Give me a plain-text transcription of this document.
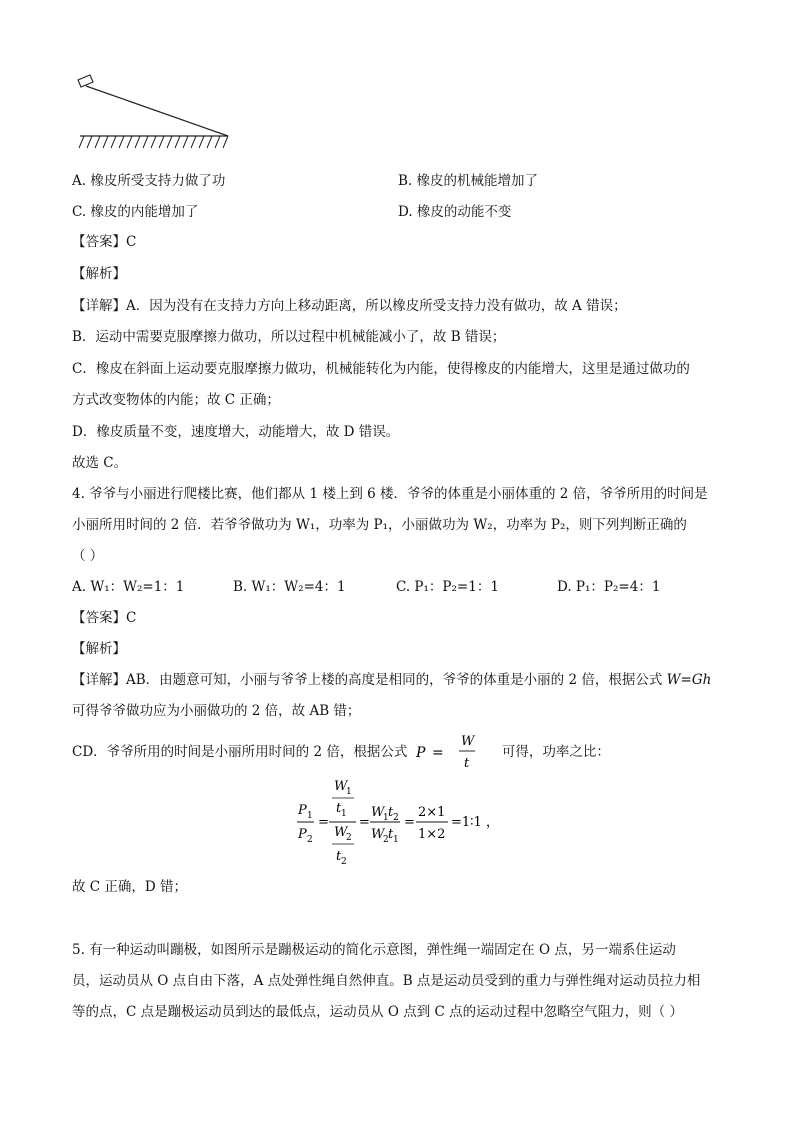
A. 橡皮所受支持力做了功	B. 橡皮的机械能增加了
C. 橡皮的内能增加了	D. 橡皮的动能不变
【答案】C
【解析】
【详解】A．因为没有在支持力方向上移动距离，所以橡皮所受支持力没有做功，故 A 错误；
B．运动中需要克服摩擦力做功，所以过程中机械能减小了，故 B 错误；
C．橡皮在斜面上运动要克服摩擦力做功，机械能转化为内能，使得橡皮的内能增大，这里是通过做功的
方式改变物体的内能；故 C 正确；
D．橡皮质量不变，速度增大，动能增大，故 D 错误。
故选 C。
4. 爷爷与小丽进行爬楼比赛，他们都从 1 楼上到 6 楼．爷爷的体重是小丽体重的 2 倍，爷爷所用的时间是
小丽所用时间的 2 倍．若爷爷做功为 W₁，功率为 P₁，小丽做功为 W₂，功率为 P₂，则下列判断正确的
（ ）
A. W₁：W₂=1：1	B. W₁：W₂=4：1	C. P₁：P₂=1：1	D. P₁：P₂=4：1
【答案】C
【解析】
【详解】AB．由题意可知，小丽与爷爷上楼的高度是相同的，爷爷的体重是小丽的 2 倍，根据公式 W=Gh
可得爷爷做功应为小丽做功的 2 倍，故 AB 错；
CD．爷爷所用的时间是小丽所用时间的 2 倍，根据公式 P =
W
t
可得，功率之比：
P 1
P 2
=
W
1
t 1
W
2
t 2
=
W
1 t 2
W
2 t 1
=
2×1
1×2
=1∶1 ，
故 C 正确，D 错；
5. 有一种运动叫蹦极，如图所示是蹦极运动的简化示意图，弹性绳一端固定在 O 点，另一端系住运动
员，运动员从 O 点自由下落，A 点处弹性绳自然伸直。B 点是运动员受到的重力与弹性绳对运动员拉力相
等的点，C 点是蹦极运动员到达的最低点，运动员从 O 点到 C 点的运动过程中忽略空气阻力，则（ ）
